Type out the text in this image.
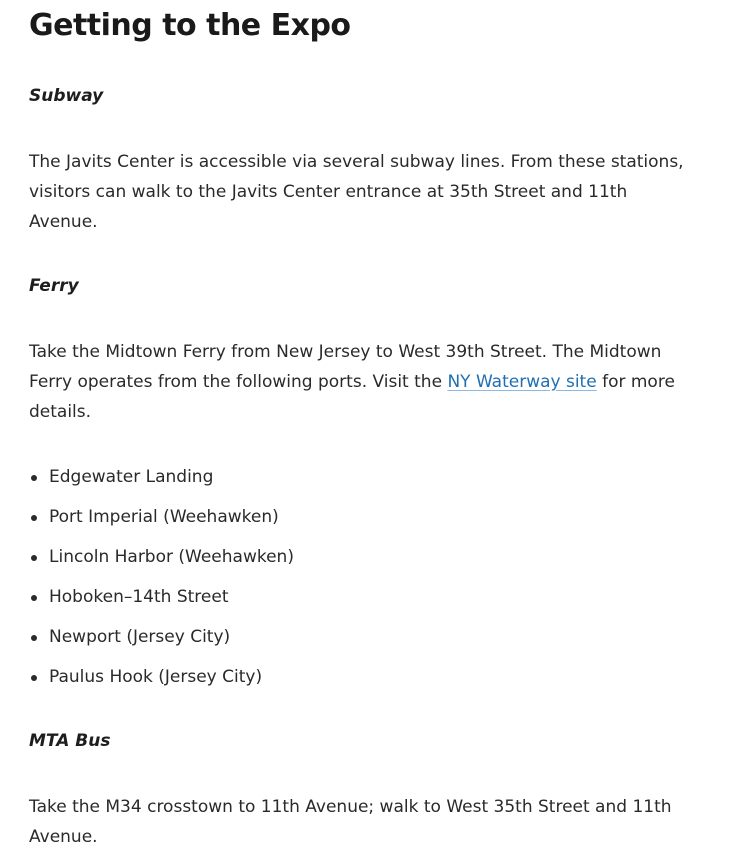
Getting to the Expo
Subway

The Javits Center is accessible via several subway lines. From these stations, visitors can walk to the Javits Center entrance at 35th Street and 11th Avenue.

Ferry

Take the Midtown Ferry from New Jersey to West 39th Street. The Midtown Ferry operates from the following ports. Visit the NY Waterway site for more details.

Edgewater Landing
Port Imperial (Weehawken)
Lincoln Harbor (Weehawken)
Hoboken–14th Street
Newport (Jersey City)
Paulus Hook (Jersey City)
MTA Bus

Take the M34 crosstown to 11th Avenue; walk to West 35th Street and 11th Avenue.
